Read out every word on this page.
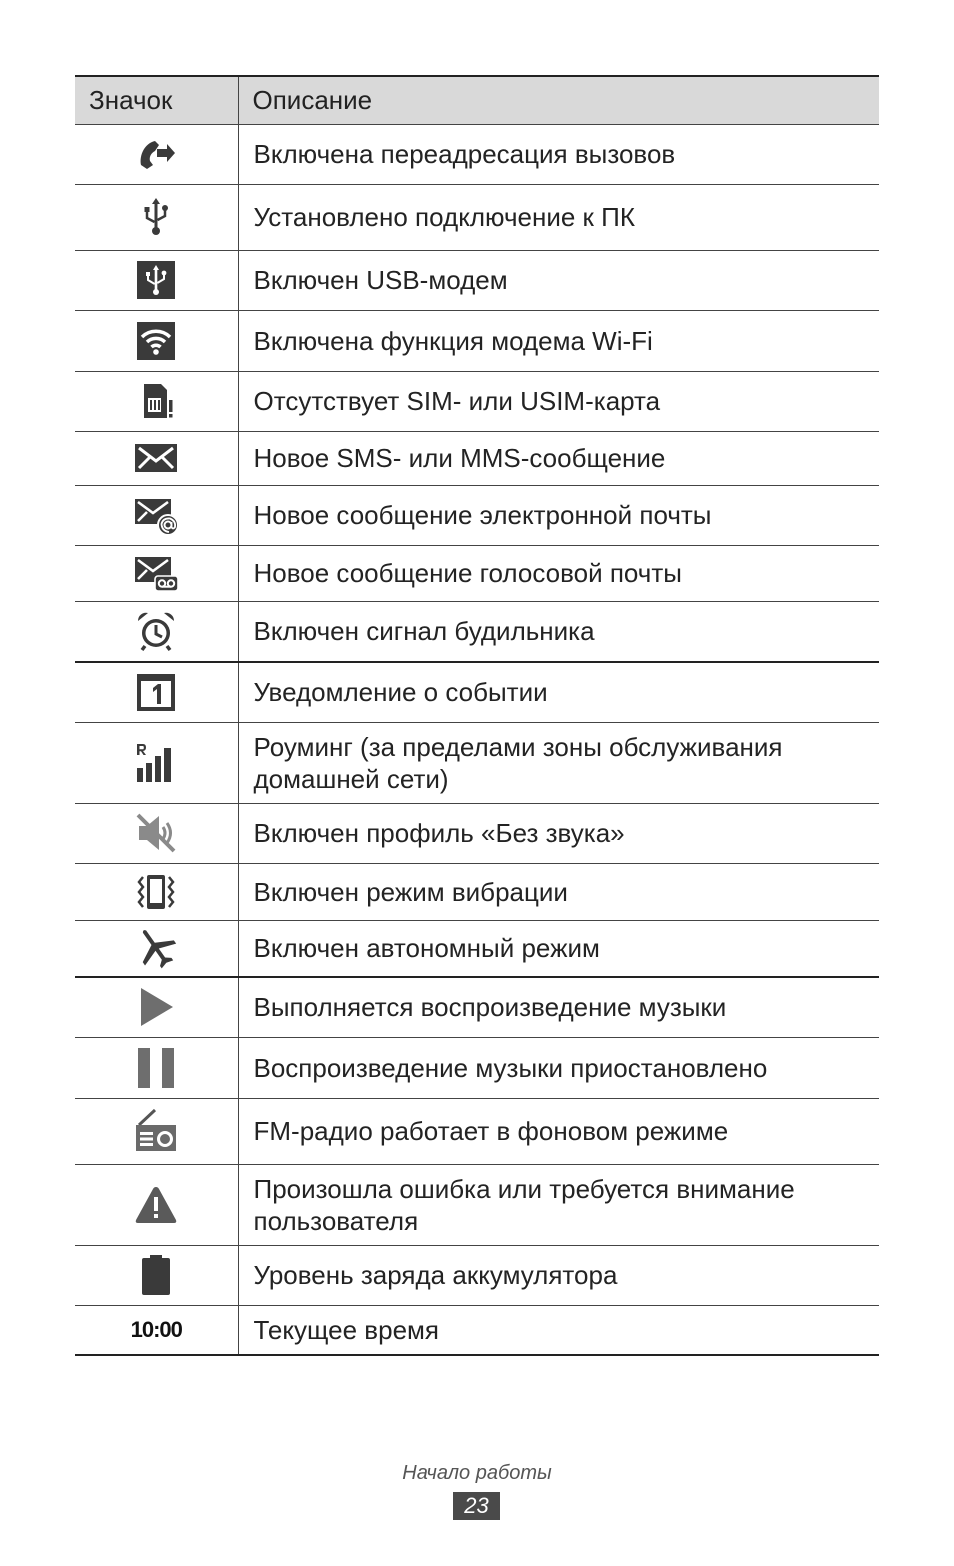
Значок	Описание

	Включена переадресация вызовов

	Установлено подключение к ПК

	Включен USB-модем

	Включена функция модема Wi-Fi

	Отсутствует SIM- или USIM-карта

	Новое SMS- или MMS-сообщение

	Новое сообщение электронной почты

	Новое сообщение голосовой почты

	Включен сигнал будильника

	Уведомление о событии

	Роуминг (за пределами зоны обслуживания домашней сети)

	Включен профиль «Без звука»

	Включен режим вибрации

	Включен автономный режим

	Выполняется воспроизведение музыки

	Воспроизведение музыки приостановлено

	FM-радио работает в фоновом режиме

	Произошла ошибка или требуется внимание пользователя

	Уровень заряда аккумулятора
10:00	Текущее время
Начало работы
23
